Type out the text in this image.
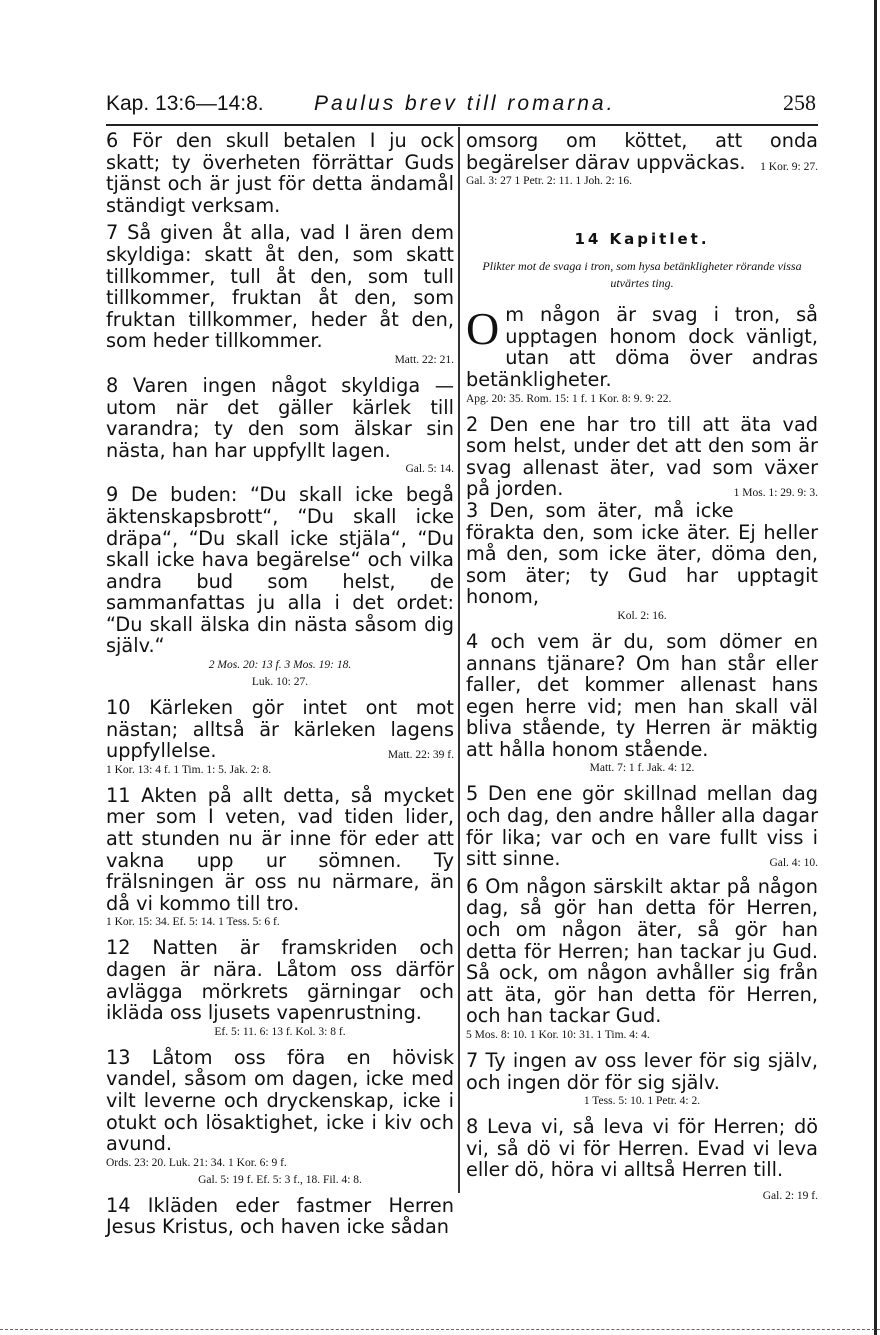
Kap. 13:6—14:8. Paulus brev till romarna.	258

6 För den skull betalen I ju ock skatt; ty överheten förrättar Guds tjänst och är just för detta ändamål ständigt verksam.

7 Så given åt alla, vad I ären dem skyldiga: skatt åt den, som skatt tillkommer, tull åt den, som tull tillkommer, fruktan åt den, som fruktan tillkommer, heder åt den, som heder tillkommer.

Matt. 22: 21.

8 Varen ingen något skyldiga — utom när det gäller kärlek till varandra; ty den som älskar sin nästa, han har uppfyllt lagen.

Gal. 5: 14.

9 De buden: “Du skall icke begå äktenskapsbrott“, “Du skall icke dräpa“, “Du skall icke stjäla“, “Du skall icke hava begärelse“ och vilka andra bud som helst, de sammanfattas ju alla i det ordet: “Du skall älska din nästa såsom dig själv.“

2 Mos. 20: 13 f. 3 Mos. 19: 18.

Luk. 10: 27.

10 Kärleken gör intet ont mot nästan; alltså är kärleken lagens uppfyllelse.	Matt. 22: 39 f.

1 Kor. 13: 4 f. 1 Tim. 1: 5. Jak. 2: 8.

11 Akten på allt detta, så mycket mer som I veten, vad tiden lider, att stunden nu är inne för eder att vakna upp ur sömnen. Ty frälsningen är oss nu närmare, än då vi kommo till tro.

1 Kor. 15: 34. Ef. 5: 14. 1 Tess. 5: 6 f.

12 Natten är framskriden och dagen är nära. Låtom oss därför avlägga mörkrets gärningar och ikläda oss ljusets vapenrustning.

Ef. 5: 11. 6: 13 f. Kol. 3: 8 f.

13 Låtom oss föra en hövisk vandel, såsom om dagen, icke med vilt leverne och dryckenskap, icke i otukt och lösaktighet, icke i kiv och avund.

Ords. 23: 20. Luk. 21: 34. 1 Kor. 6: 9 f.

Gal. 5: 19 f. Ef. 5: 3 f., 18. Fil. 4: 8.

14 Ikläden eder fastmer Herren Jesus Kristus, och haven icke sådan

omsorg om köttet, att onda begärelser därav uppväckas. 1 Kor. 9: 27.

Gal. 3: 27 1 Petr. 2: 11. 1 Joh. 2: 16.

14 Kapitlet.

Plikter mot de svaga i tron, som hysa betänkligheter rörande vissa utvärtes ting.

Om någon är svag i tron, så upptagen honom dock vänligt, utan att döma över andras betänkligheter.

Apg. 20: 35. Rom. 15: 1 f. 1 Kor. 8: 9. 9: 22.

2 Den ene har tro till att äta vad som helst, under det att den som är svag allenast äter, vad som växer på jorden.	1 Mos. 1: 29. 9: 3.

3 Den, som äter, må icke förakta den, som icke äter. Ej heller må den, som icke äter, döma den, som äter; ty Gud har upptagit honom,

Kol. 2: 16.

4 och vem är du, som dömer en annans tjänare? Om han står eller faller, det kommer allenast hans egen herre vid; men han skall väl bliva stående, ty Herren är mäktig att hålla honom stående.

Matt. 7: 1 f. Jak. 4: 12.

5 Den ene gör skillnad mellan dag och dag, den andre håller alla dagar för lika; var och en vare fullt viss i sitt sinne.	Gal. 4: 10.

6 Om någon särskilt aktar på någon dag, så gör han detta för Herren, och om någon äter, så gör han detta för Herren; han tackar ju Gud. Så ock, om någon avhåller sig från att äta, gör han detta för Herren, och han tackar Gud.

5 Mos. 8: 10. 1 Kor. 10: 31. 1 Tim. 4: 4.

7 Ty ingen av oss lever för sig själv, och ingen dör för sig själv.

1 Tess. 5: 10. 1 Petr. 4: 2.

8 Leva vi, så leva vi för Herren; dö vi, så dö vi för Herren. Evad vi leva eller dö, höra vi alltså Herren till.
Gal. 2: 19 f.
